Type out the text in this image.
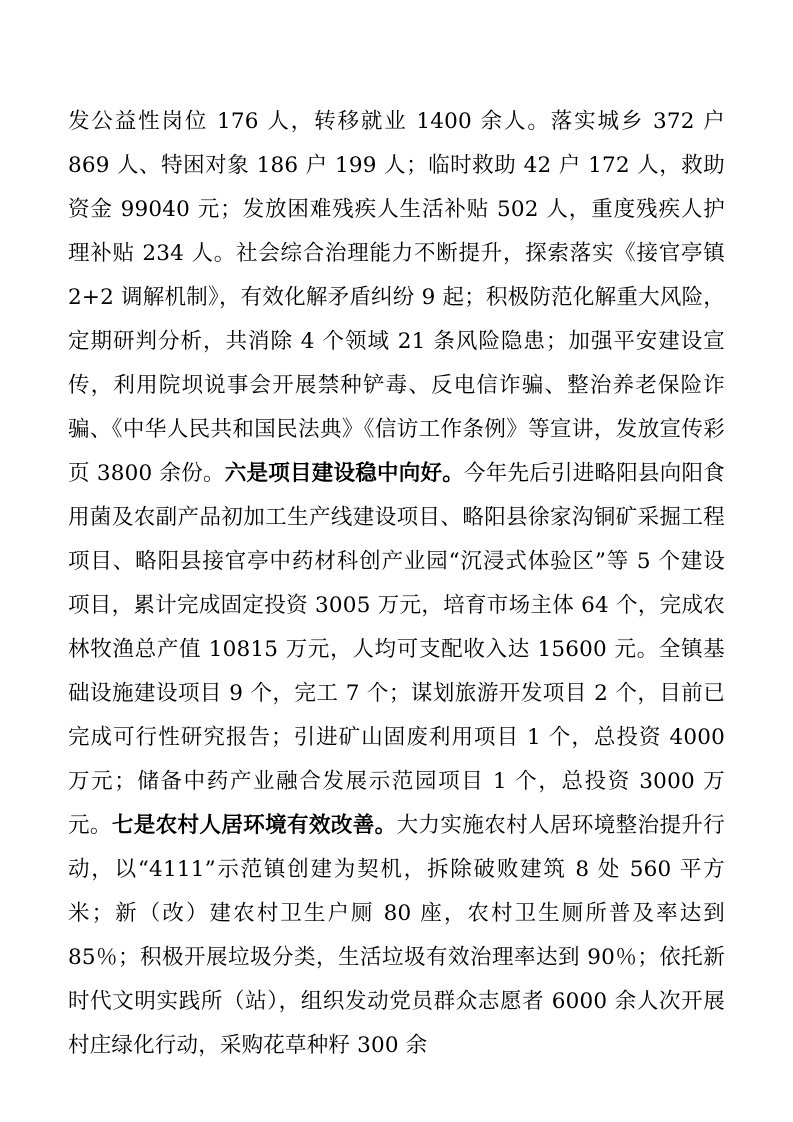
发公益性岗位 176 人，转移就业 1400 余人。落实城乡 372 户 869 人、特困对象 186 户 199 人；临时救助 42 户 172 人，救助资金 99040 元；发放困难残疾人生活补贴 502 人，重度残疾人护理补贴 234 人。社会综合治理能力不断提升，探索落实《接官亭镇 2+2 调解机制》，有效化解矛盾纠纷 9 起；积极防范化解重大风险，定期研判分析，共消除 4 个领域 21 条风险隐患；加强平安建设宣传，利用院坝说事会开展禁种铲毒、反电信诈骗、整治养老保险诈骗、《中华人民共和国民法典》《信访工作条例》等宣讲，发放宣传彩页 3800 余份。六是项目建设稳中向好。今年先后引进略阳县向阳食用菌及农副产品初加工生产线建设项目、略阳县徐家沟铜矿采掘工程项目、略阳县接官亭中药材科创产业园“沉浸式体验区”等 5 个建设项目，累计完成固定投资 3005 万元，培育市场主体 64 个，完成农林牧渔总产值 10815 万元，人均可支配收入达 15600 元。全镇基础设施建设项目 9 个，完工 7 个；谋划旅游开发项目 2 个，目前已完成可行性研究报告；引进矿山固废利用项目 1 个，总投资 4000 万元；储备中药产业融合发展示范园项目 1 个，总投资 3000 万元。七是农村人居环境有效改善。大力实施农村人居环境整治提升行动，以“4111”示范镇创建为契机，拆除破败建筑 8 处 560 平方米；新（改）建农村卫生户厕 80 座，农村卫生厕所普及率达到 85％；积极开展垃圾分类，生活垃圾有效治理率达到 90％；依托新时代文明实践所（站），组织发动党员群众志愿者 6000 余人次开展村庄绿化行动，采购花草种籽 300 余
